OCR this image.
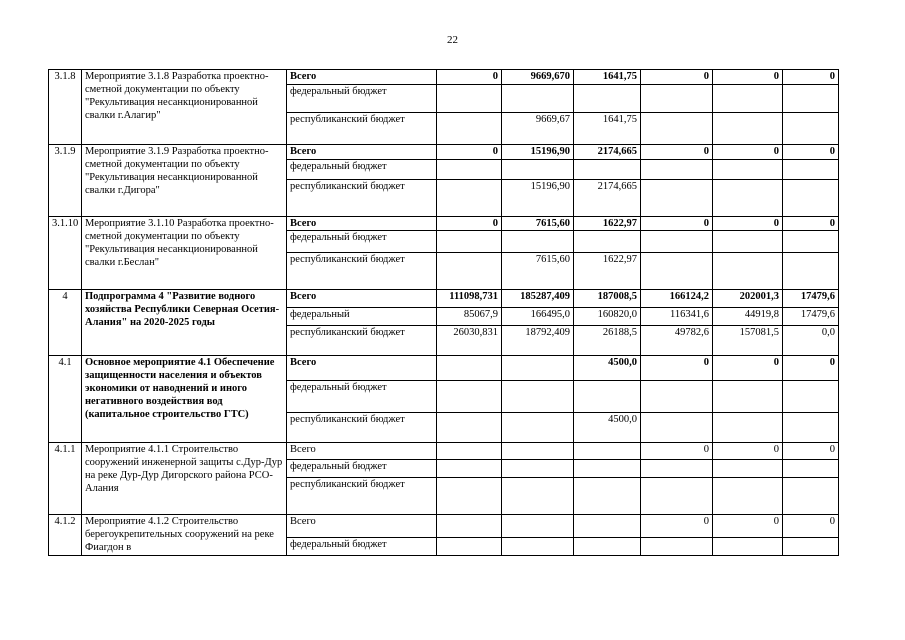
22
3.1.8	Мероприятие 3.1.8 Разработка проектно-сметной документации по объекту "Рекультивация несанкционированной свалки г.Алагир"	Всего	0	9669,670	1641,75	0	0	0
		федеральный бюджет						
		республиканский бюджет		9669,67	1641,75			
3.1.9	Мероприятие 3.1.9 Разработка проектно-сметной документации по объекту "Рекультивация несанкционированной свалки г.Дигора"	Всего	0	15196,90	2174,665	0	0	0
		федеральный бюджет						
		республиканский бюджет		15196,90	2174,665			
3.1.10	Мероприятие 3.1.10 Разработка проектно-сметной документации по объекту "Рекультивация несанкционированной свалки г.Беслан"	Всего	0	7615,60	1622,97	0	0	0
		федеральный бюджет						
		республиканский бюджет		7615,60	1622,97			
4	Подпрограмма 4 "Развитие водного хозяйства Республики Северная Осетия-Алания" на 2020-2025 годы	Всего	111098,731	185287,409	187008,5	166124,2	202001,3	17479,6
		федеральный	85067,9	166495,0	160820,0	116341,6	44919,8	17479,6
		республиканский бюджет	26030,831	18792,409	26188,5	49782,6	157081,5	0,0
4.1	Основное мероприятие 4.1 Обеспечение защищенности населения и объектов экономики от наводнений и иного негативного воздействия вод (капитальное строительство ГТС)	Всего			4500,0	0	0	0
		федеральный бюджет						
		республиканский бюджет			4500,0			
4.1.1	Мероприятие 4.1.1 Строительство сооружений инженерной защиты с.Дур-Дур на реке Дур-Дур Дигорского района РСО-Алания	Всего				0	0	0
		федеральный бюджет						
		республиканский бюджет						
4.1.2	Мероприятие 4.1.2 Строительство берегоукрепительных сооружений на реке Фиагдон в	Всего				0	0	0
		федеральный бюджет						
